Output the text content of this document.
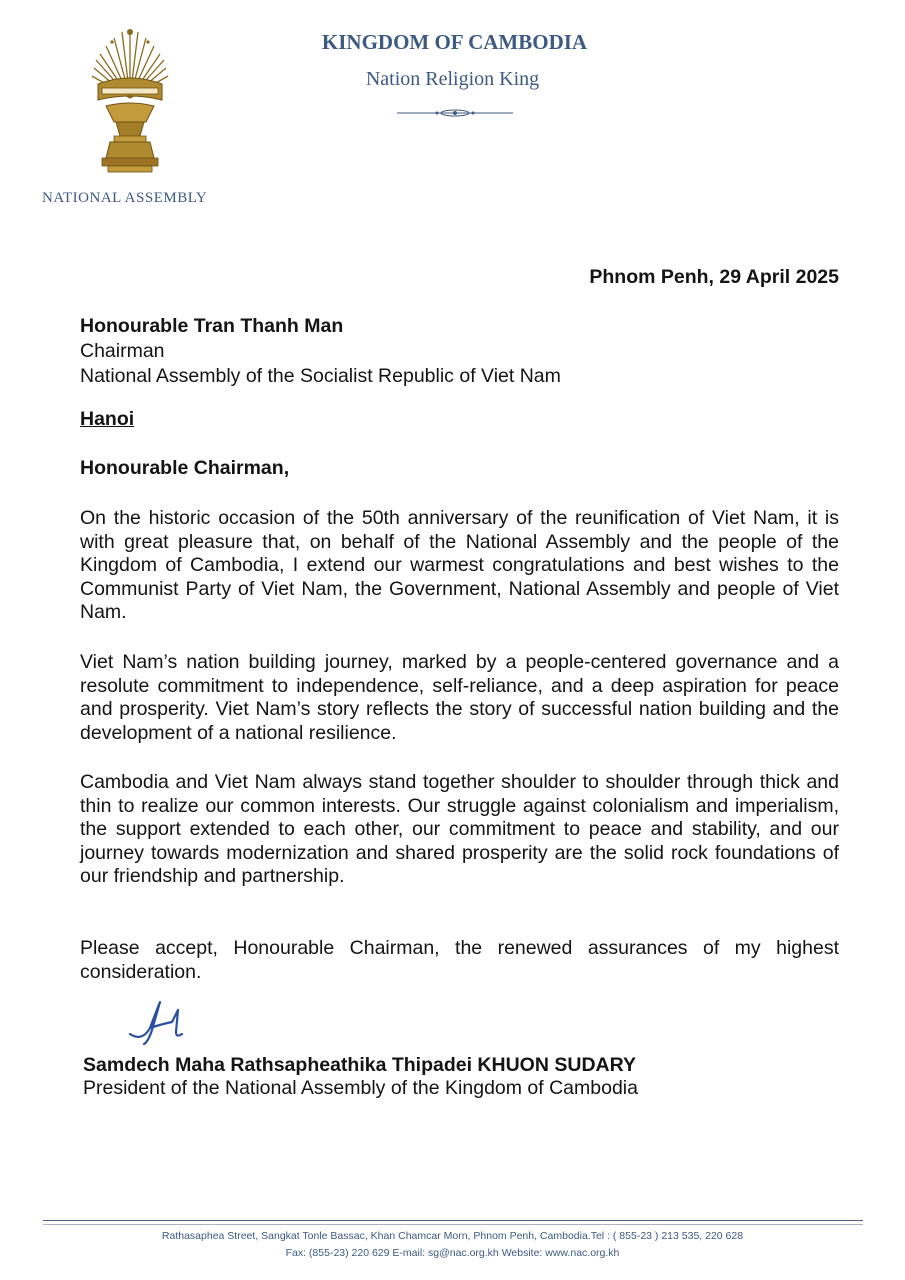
NATIONAL ASSEMBLY
KINGDOM OF CAMBODIA
Nation Religion King
Phnom Penh, 29 April 2025
Honourable Tran Thanh Man
Chairman
National Assembly of the Socialist Republic of Viet Nam
Hanoi
Honourable Chairman,
On the historic occasion of the 50th anniversary of the reunification of Viet Nam, it is with great pleasure that, on behalf of the National Assembly and the people of the Kingdom of Cambodia, I extend our warmest congratulations and best wishes to the Communist Party of Viet Nam, the Government, National Assembly and people of Viet Nam.
Viet Nam’s nation building journey, marked by a people-centered governance and a resolute commitment to independence, self-reliance, and a deep aspiration for peace and prosperity. Viet Nam’s story reflects the story of successful nation building and the development of a national resilience.
Cambodia and Viet Nam always stand together shoulder to shoulder through thick and thin to realize our common interests. Our struggle against colonialism and imperialism, the support extended to each other, our commitment to peace and stability, and our journey towards modernization and shared prosperity are the solid rock foundations of our friendship and partnership.
Please accept, Honourable Chairman, the renewed assurances of my highest consideration.
Samdech Maha Rathsapheathika Thipadei KHUON SUDARY
President of the National Assembly of the Kingdom of Cambodia
Rathasaphea Street, Sangkat Tonle Bassac, Khan Chamcar Morn, Phnom Penh, Cambodia.Tel : ( 855-23 ) 213 535, 220 628
Fax: (855-23) 220 629 E-mail: sg@nac.org.kh Website: www.nac.org.kh
